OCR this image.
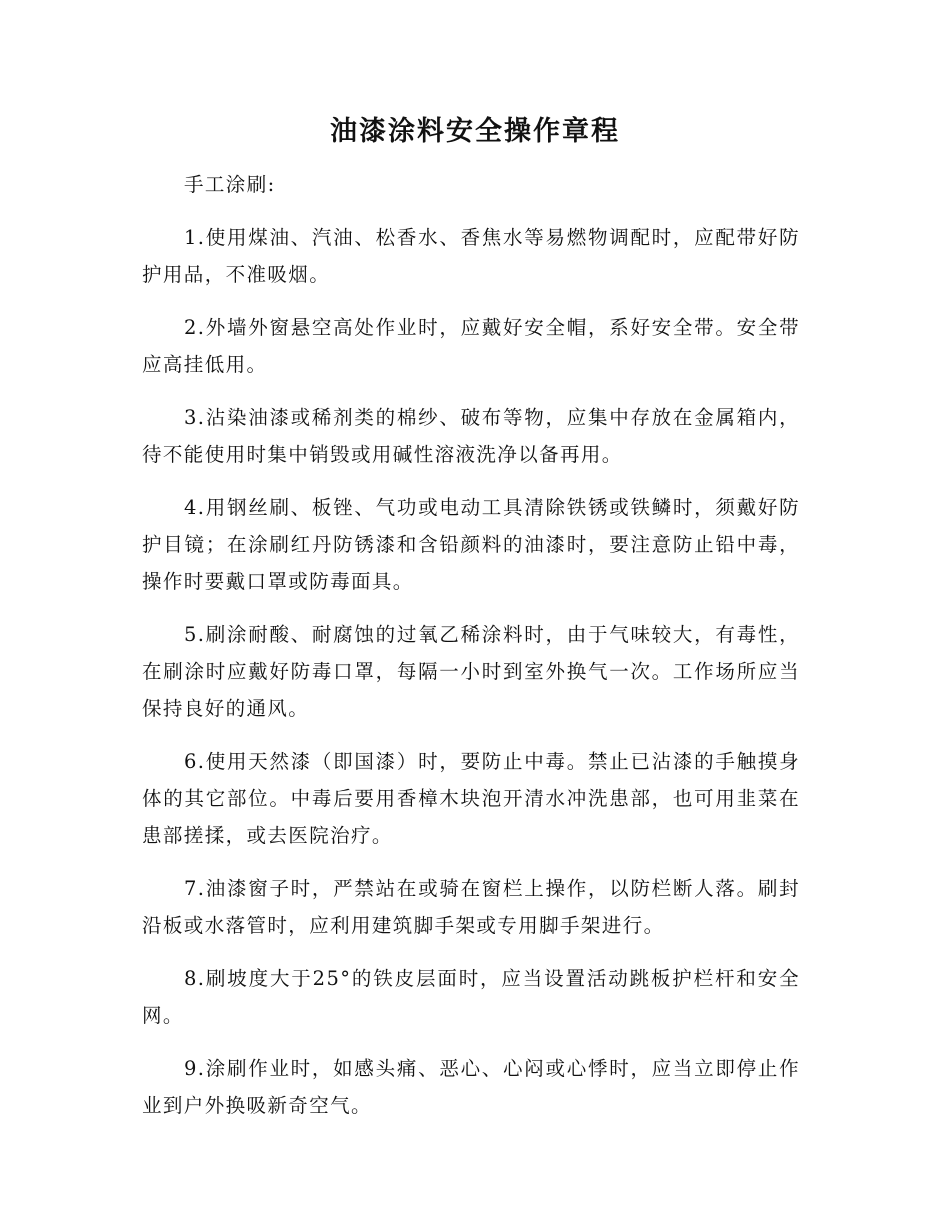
油漆涂料安全操作章程

手工涂刷:

1.使用煤油、汽油、松香水、香焦水等易燃物调配时，应配带好防护用品，不准吸烟。

2.外墙外窗悬空高处作业时，应戴好安全帽，系好安全带。安全带应高挂低用。

3.沾染油漆或稀剂类的棉纱、破布等物，应集中存放在金属箱内，待不能使用时集中销毁或用碱性溶液洗净以备再用。

4.用钢丝刷、板锉、气功或电动工具清除铁锈或铁鳞时，须戴好防护目镜；在涂刷红丹防锈漆和含铅颜料的油漆时，要注意防止铅中毒，操作时要戴口罩或防毒面具。

5.刷涂耐酸、耐腐蚀的过氧乙稀涂料时，由于气味较大，有毒性，在刷涂时应戴好防毒口罩，每隔一小时到室外换气一次。工作场所应当保持良好的通风。

6.使用天然漆（即国漆）时，要防止中毒。禁止已沾漆的手触摸身体的其它部位。中毒后要用香樟木块泡开清水冲洗患部，也可用韭菜在患部搓揉，或去医院治疗。

7.油漆窗子时，严禁站在或骑在窗栏上操作，以防栏断人落。刷封沿板或水落管时，应利用建筑脚手架或专用脚手架进行。

8.刷坡度大于25°的铁皮层面时，应当设置活动跳板护栏杆和安全网。

9.涂刷作业时，如感头痛、恶心、心闷或心悸时，应当立即停止作业到户外换吸新奇空气。
